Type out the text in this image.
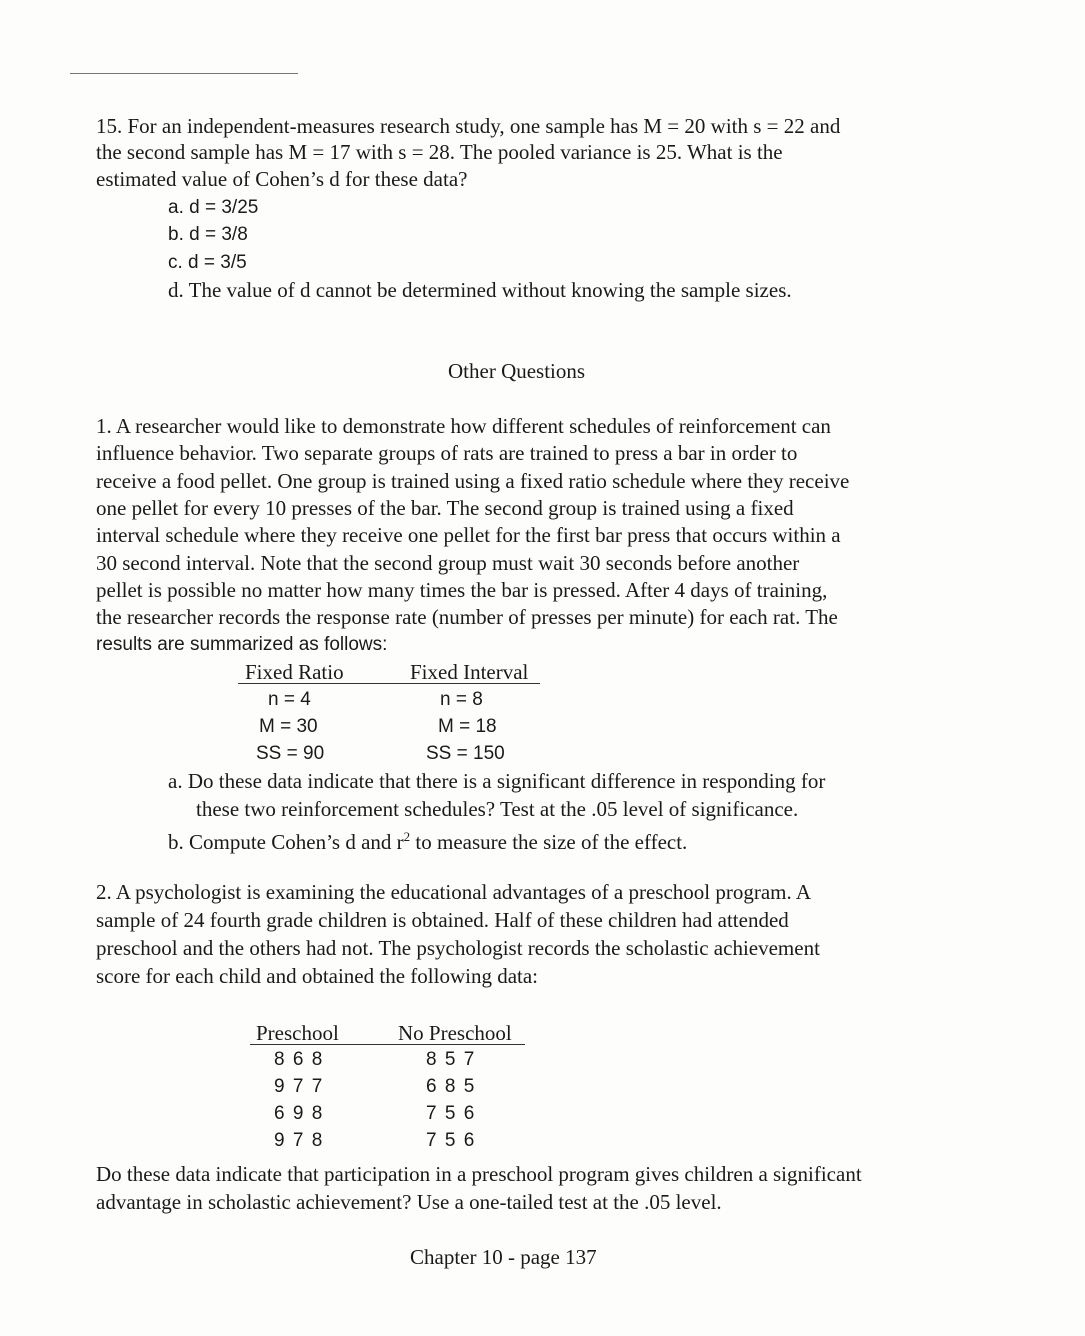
15. For an independent-measures research study, one sample has M = 20 with s = 22 and
the second sample has M = 17 with s = 28. The pooled variance is 25. What is the
estimated value of Cohen’s d for these data?
a. d = 3/25
b. d = 3/8
c. d = 3/5
d. The value of d cannot be determined without knowing the sample sizes.
Other Questions
1. A researcher would like to demonstrate how different schedules of reinforcement can
influence behavior. Two separate groups of rats are trained to press a bar in order to
receive a food pellet. One group is trained using a fixed ratio schedule where they receive
one pellet for every 10 presses of the bar. The second group is trained using a fixed
interval schedule where they receive one pellet for the first bar press that occurs within a
30 second interval. Note that the second group must wait 30 seconds before another
pellet is possible no matter how many times the bar is pressed. After 4 days of training,
the researcher records the response rate (number of presses per minute) for each rat. The
results are summarized as follows:
Fixed Ratio	Fixed Interval
n = 4	n = 8
M = 30	M = 18
SS = 90	SS = 150
a. Do these data indicate that there is a significant difference in responding for
these two reinforcement schedules? Test at the .05 level of significance.
b. Compute Cohen’s d and $r^2$ to measure the size of the effect.
2. A psychologist is examining the educational advantages of a preschool program. A
sample of 24 fourth grade children is obtained. Half of these children had attended
preschool and the others had not. The psychologist records the scholastic achievement
score for each child and obtained the following data:
Preschool	No Preschool
8 6 8	8 5 7
9 7 7	6 8 5
6 9 8	7 5 6
9 7 8	7 5 6
Do these data indicate that participation in a preschool program gives children a significant
advantage in scholastic achievement? Use a one-tailed test at the .05 level.
Chapter 10 - page 137
